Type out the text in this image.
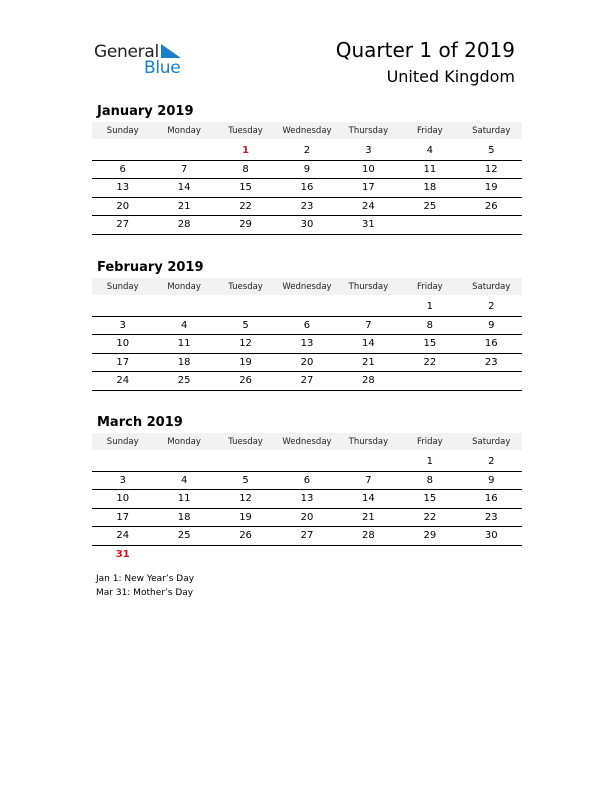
General
Blue
Quarter 1 of 2019
United Kingdom
January 2019
Sunday	Monday	Tuesday	Wednesday	Thursday	Friday	Saturday

		1	2	3	4	5
6	7	8	9	10	11	12
13	14	15	16	17	18	19
20	21	22	23	24	25	26
27	28	29	30	31		
February 2019
Sunday	Monday	Tuesday	Wednesday	Thursday	Friday	Saturday

					1	2
3	4	5	6	7	8	9
10	11	12	13	14	15	16
17	18	19	20	21	22	23
24	25	26	27	28		
March 2019
Sunday	Monday	Tuesday	Wednesday	Thursday	Friday	Saturday

					1	2
3	4	5	6	7	8	9
10	11	12	13	14	15	16
17	18	19	20	21	22	23
24	25	26	27	28	29	30
31						
Jan 1: New Year’s Day
Mar 31: Mother’s Day
